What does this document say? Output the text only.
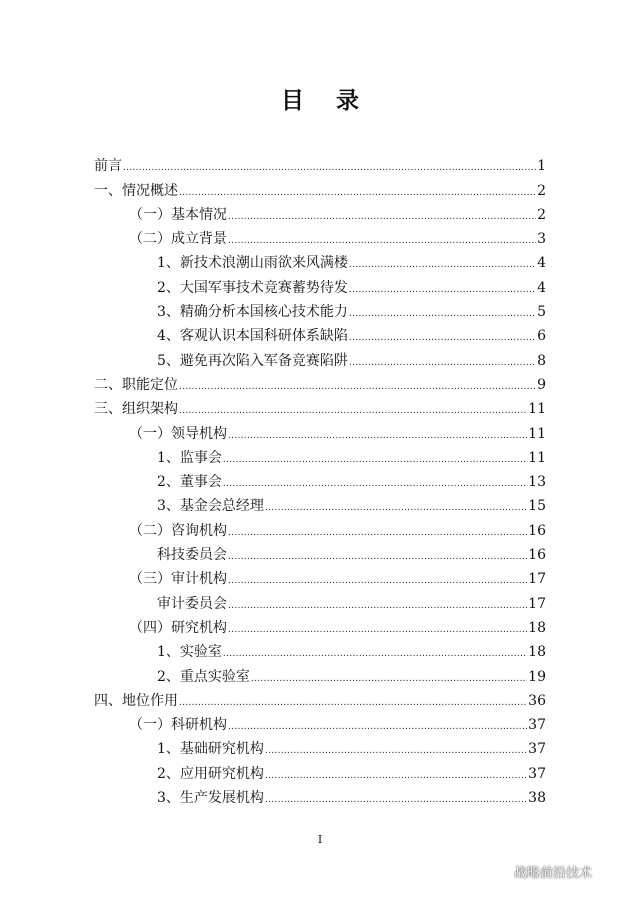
目 录
前言 .....	1
一、情况概述 .....	2
（一）基本情况 .....	2
（二）成立背景 .....	3
1、新技术浪潮山雨欲来风满楼 .....	4
2、大国军事技术竞赛蓄势待发 .....	4
3、精确分析本国核心技术能力 .....	5
4、客观认识本国科研体系缺陷 .....	6
5、避免再次陷入军备竞赛陷阱 .....	8
二、职能定位 .....	9
三、组织架构 .....	11
（一）领导机构 .....	11
1、监事会 .....	11
2、董事会 .....	13
3、基金会总经理 .....	15
（二）咨询机构 .....	16
科技委员会 .....	16
（三）审计机构 .....	17
审计委员会 .....	17
（四）研究机构 .....	18
1、实验室 .....	18
2、重点实验室 .....	19
四、地位作用 .....	36
（一）科研机构 .....	37
1、基础研究机构 .....	37
2、应用研究机构 .....	37
3、生产发展机构 .....	38
I
战略前沿技术
